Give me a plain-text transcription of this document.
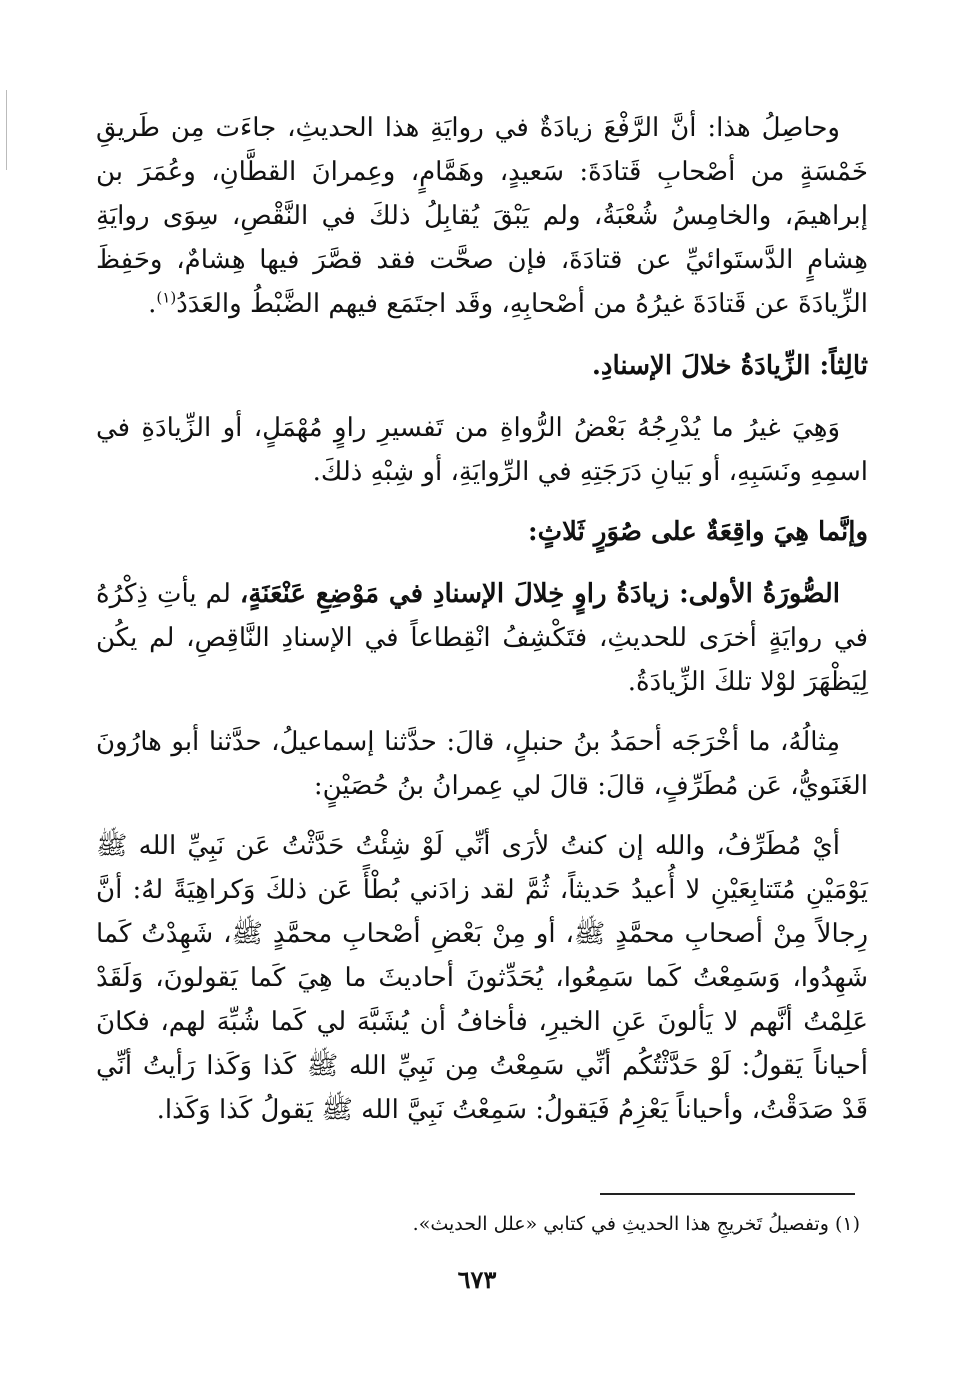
وحاصِلُ هذا: أنَّ الرَّفْعَ زيادَةٌ في روايَةِ هذا الحديثِ، جاءَت مِن طَريقِ خَمْسَةٍ من أصْحابِ قَتادَةَ: سَعيدٍ، وهَمَّامٍ، وعِمرانَ القطَّانِ، وعُمَرَ بن إبراهيمَ، والخامِسُ شُعْبَةُ، ولم يَبْقَ يُقابِلُ ذلكَ في النَّقْصِ، سِوَى روايَةِ هِشامٍ الدَّستَوائيِّ عن قتادَةَ، فإن صحَّت فقد قصَّرَ فيها هِشامٌ، وحَفِظَ الزِّيادَةَ عن قَتادَةَ غيرُهُ من أصْحابِهِ، وقَد اجتَمَع فيهم الضَّبْطُ والعَدَدُ$^{(١)}$.

ثالِثاً: الزِّيادَةُ خلالَ الإسنادِ.

وَهِيَ غيرُ ما يُدْرِجُهُ بَعْضُ الرُّواةِ من تَفسيرِ راوٍ مُهْمَلٍ، أو الزِّيادَةِ في اسمِهِ ونَسَبِهِ، أو بَيانِ دَرَجَتِهِ في الرِّوايَةِ، أو شِبْهِ ذلكَ.

وإنَّما هِيَ واقِعَةٌ على صُوَرٍ ثَلاثٍ:

الصُّورَةُ الأولى: زيادَةُ راوٍ خِلالَ الإسنادِ في مَوْضِعِ عَنْعَنَةٍ، لم يأتِ ذِكْرُهُ في روايَةٍ أخرَى للحديثِ، فتَكْشِفُ انْقِطاعاً في الإسنادِ النَّاقِصِ، لم يكُن لِيَظْهَرَ لوْلا تلكَ الزِّيادَةُ.

مِثالُهُ، ما أخْرَجَه أحمَدُ بنُ حنبلٍ، قالَ: حدَّثنا إسماعيلُ، حدَّثنا أبو هارُونَ الغَنَويُّ، عَن مُطَرِّفٍ، قالَ: قالَ لي عِمرانُ بنُ حُصَيْنٍ:

أيْ مُطَرِّفُ، والله إن كنتُ لأرَى أنِّي لَوْ شِئْتُ حَدَّثْتُ عَن نَبِيِّ الله ﷺ يَوْمَيْنِ مُتَتابِعَيْنِ لا أُعيدُ حَديثاً، ثُمَّ لقد زادَني بُطْأً عَن ذلكَ وَكراهِيَةً لهُ: أنَّ رِجالاً مِنْ أصحابِ محمَّدٍ ﷺ، أو مِنْ بَعْضِ أصْحابِ محمَّدٍ ﷺ، شَهِدْتُ كَما شَهِدُوا، وَسَمِعْتُ كَما سَمِعُوا، يُحَدِّثونَ أحاديثَ ما هِيَ كَما يَقولونَ، وَلَقَدْ عَلِمْتُ أنَّهم لا يَألونَ عَنِ الخيرِ، فأخافُ أن يُشَبَّهَ لي كَما شُبِّهَ لهم، فكانَ أحياناً يَقولُ: لَوْ حَدَّثْتُكُم أنِّي سَمِعْتُ مِن نَبِيِّ الله ﷺ كَذا وَكَذا رَأيتُ أنِّي قَدْ صَدَقْتُ، وأحياناً يَعْزِمُ فَيَقولُ: سَمِعْتُ نَبِيَّ الله ﷺ يَقولُ كَذا وَكَذا.

(١) وتفصيلُ تَخريجِ هذا الحديثِ في كتابي «علل الحديث».

٦٧٣
